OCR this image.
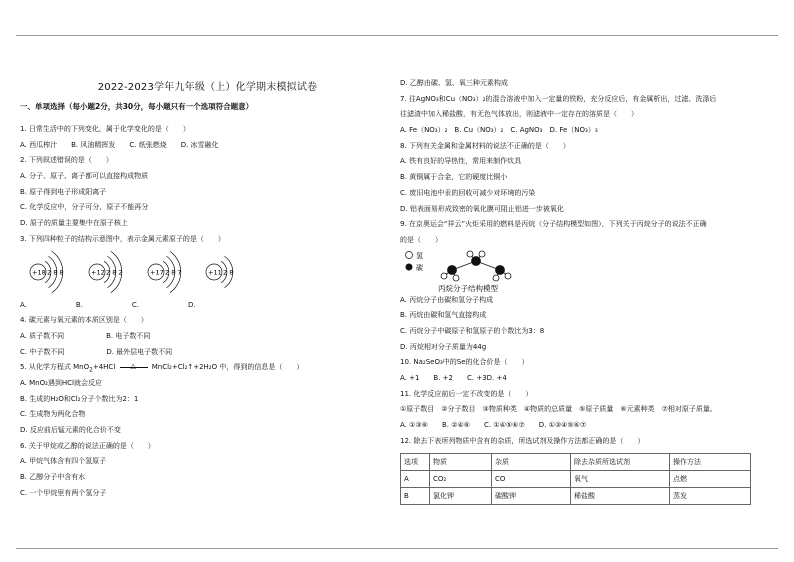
2022-2023学年九年级（上）化学期末模拟试卷
一、单项选择（每小题2分，共30分，每小题只有一个选项符合题意）
1. 日常生活中的下列变化，属于化学变化的是（　　）
A. 西瓜榨汁　　B. 风油精挥发　　C. 纸张燃烧　　D. 冰雪融化
2. 下列叙述错误的是（　　）
A. 分子、原子、离子都可以直接构成物质
B. 原子得到电子形成阳离子
C. 化学反应中，分子可分，原子不能再分
D. 原子的质量主要集中在原子核上
3. 下列四种粒子的结构示意图中，表示金属元素原子的是（　　）
+18 2 8 8	+12 2 8 2	+17 2 8 7	+11 2 8
A.　　　　　　　B.　　　　　　　C.　　　　　　　D.
4. 碳元素与氧元素的本质区别是（　　）
A. 质子数不同　　　　　　B. 电子数不同
C. 中子数不同　　　　　　D. 最外层电子数不同
5. 从化学方程式 MnO$_2$+4HCl △ MnCl₂+Cl₂↑+2H₂O 中，得到的信息是（　　）
A. MnO₂遇到HCl就会反应
B. 生成的H₂O和Cl₂分子个数比为2：1
C. 生成物为两化合物
D. 反应前后锰元素的化合价不变
6. 关于甲烷或乙醇的说法正确的是（　　）
A. 甲烷气体含有四个氢原子
B. 乙醇分子中含有水
C. 一个甲烷里有两个氢分子
D. 乙醇由碳、氢、氧三种元素构成
7. 往AgNO₃和Cu（NO₃）₂的混合溶液中加入一定量的铁粉，充分反应后，有金属析出，过滤、洗涤后
往滤渣中加入稀盐酸，有无色气体放出，则滤液中一定存在的溶质是（　　）
A. Fe（NO₃）₂　B. Cu（NO₃）₂　C. AgNO₃　D. Fe（NO₃）₃
8. 下列有关金属和金属材料的说法不正确的是（　　）
A. 铁有良好的导热性，常用来制作炊具
B. 黄铜属于合金，它的硬度比铜小
C. 废旧电池中汞的回收可减少对环境的污染
D. 铝表面易形成致密的氧化膜可阻止铝进一步被氧化
9. 在京奥运会“祥云”火炬采用的燃料是丙烷（分子结构模型如图），下列关于丙烷分子的说法不正确
的是（　　）
氢
碳
丙烷分子结构模型
A. 丙烷分子由碳和氢分子构成
B. 丙烷由碳和氢气直接构成
C. 丙烷分子中碳原子和氢原子的个数比为3：8
D. 丙烷相对分子质量为44g
10. Na₂SeO₃中的Se的化合价是（　　）
A. +1　　B. +2　　C. +3D. +4
11. 化学反应前后一定不改变的是（　　）
①原子数目　②分子数目　③物质种类　④物质的总质量　⑤原子质量　⑥元素种类　⑦相对原子质量。
A. ①③⑥　　B. ②④⑥　　C. ①④⑤⑥⑦　　D. ①③④⑤⑥⑦
12. 除去下表所列物质中含有的杂质，所选试剂及操作方法都正确的是（　　）
选项	物质	杂质	除去杂质所选试剂	操作方法
A	CO₂	CO	氧气	点燃
B	氯化钾	碳酸钾	稀盐酸	蒸发
